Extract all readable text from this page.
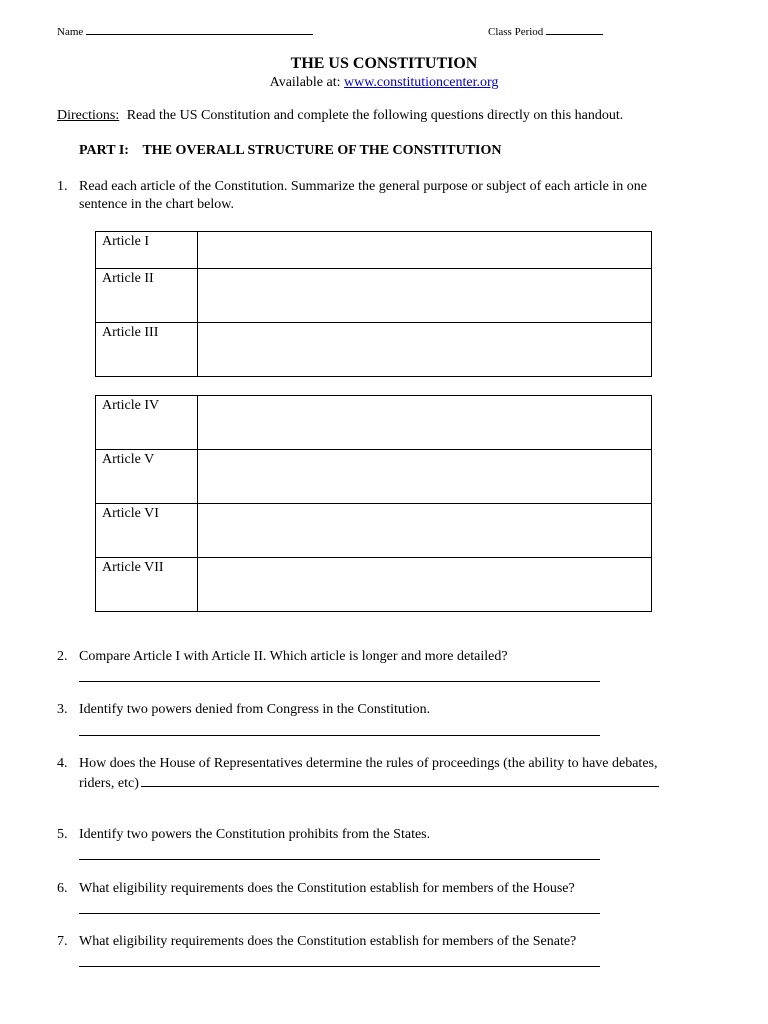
Name	Class Period
THE US CONSTITUTION
Available at: www.constitutioncenter.org
Directions: Read the US Constitution and complete the following questions directly on this handout.
PART I: THE OVERALL STRUCTURE OF THE CONSTITUTION
1. Read each article of the Constitution. Summarize the general purpose or subject of each article in one
sentence in the chart below.
Article I	
Article II	
Article III	
Article IV	
Article V	
Article VI	
Article VII	
2. Compare Article I with Article II. Which article is longer and more detailed?
3. Identify two powers denied from Congress in the Constitution.
4. How does the House of Representatives determine the rules of proceedings (the ability to have debates,
riders, etc)
5. Identify two powers the Constitution prohibits from the States.
6. What eligibility requirements does the Constitution establish for members of the House?
7. What eligibility requirements does the Constitution establish for members of the Senate?
